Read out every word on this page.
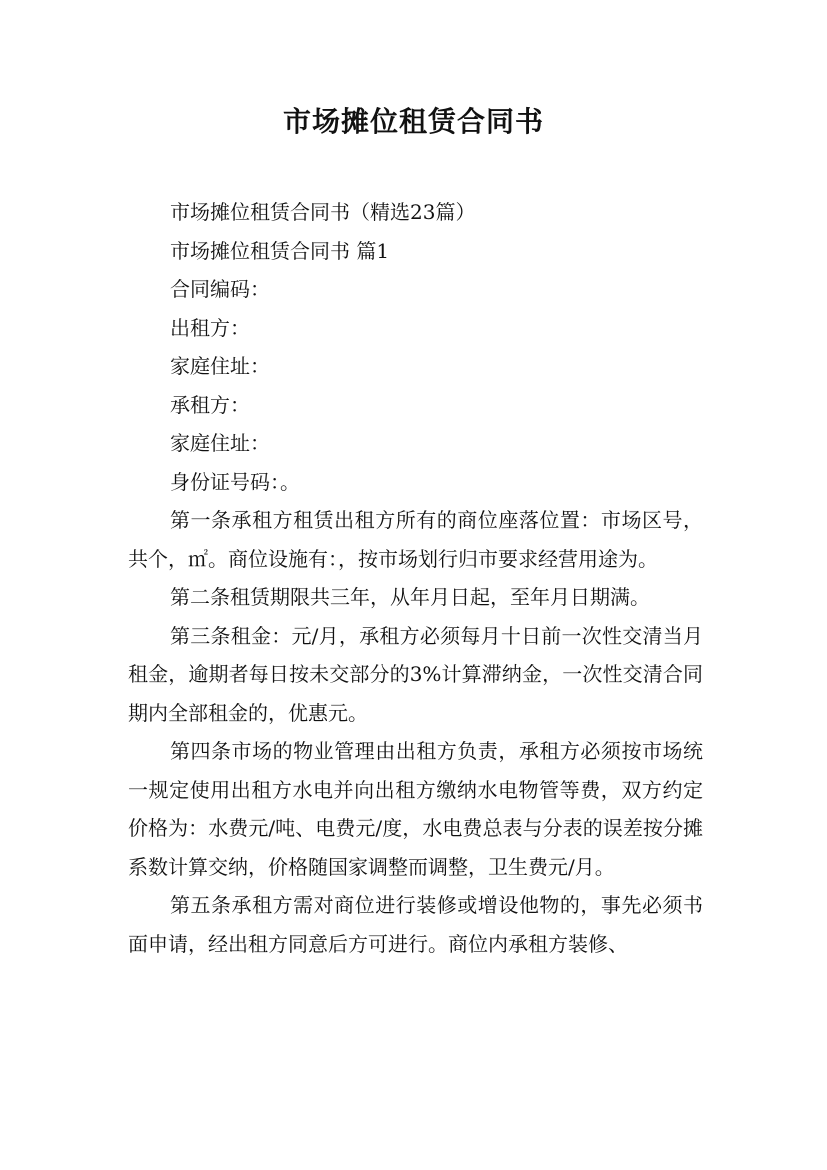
市场摊位租赁合同书

市场摊位租赁合同书（精选23篇）

市场摊位租赁合同书 篇1

合同编码：

出租方：

家庭住址：

承租方：

家庭住址：

身份证号码：。

第一条承租方租赁出租方所有的商位座落位置：市场区号，共个，㎡。商位设施有：，按市场划行归市要求经营用途为。

第二条租赁期限共三年，从年月日起，至年月日期满。

第三条租金：元/月，承租方必须每月十日前一次性交清当月租金，逾期者每日按未交部分的3%计算滞纳金，一次性交清合同期内全部租金的，优惠元。

第四条市场的物业管理由出租方负责，承租方必须按市场统一规定使用出租方水电并向出租方缴纳水电物管等费，双方约定价格为：水费元/吨、电费元/度，水电费总表与分表的误差按分摊系数计算交纳，价格随国家调整而调整，卫生费元/月。

第五条承租方需对商位进行装修或增设他物的，事先必须书面申请，经出租方同意后方可进行。商位内承租方装修、
